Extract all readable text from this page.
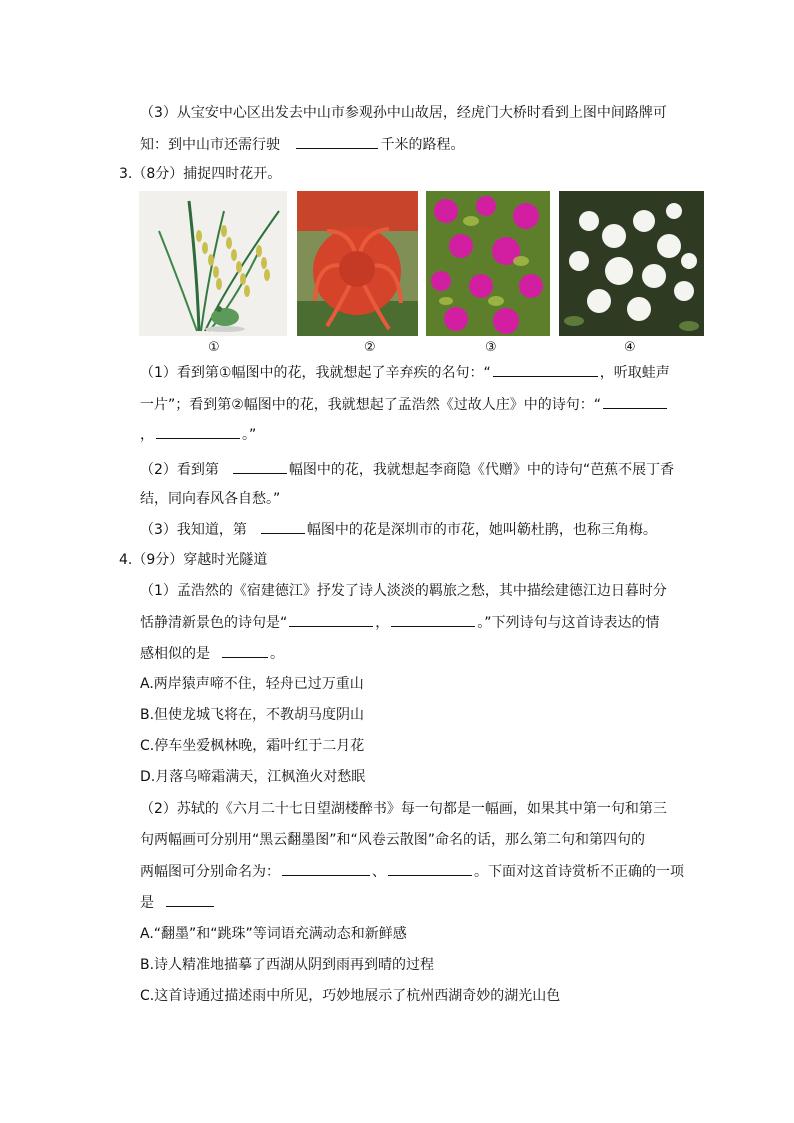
（3）从宝安中心区出发去中山市参观孙中山故居，经虎门大桥时看到上图中间路牌可
知：到中山市还需行驶	千米的路程。
3.（8分）捕捉四时花开。
①	②	③	④
（1）看到第①幅图中的花，我就想起了辛弃疾的名句：“	，听取蛙声
一片”；看到第②幅图中的花，我就想起了孟浩然《过故人庄》中的诗句：“
，	。”
（2）看到第	幅图中的花，我就想起李商隐《代赠》中的诗句“芭蕉不展丁香
结，同向春风各自愁。”
（3）我知道，第	幅图中的花是深圳市的市花，她叫簕杜鹃，也称三角梅。
4.（9分）穿越时光隧道
（1）孟浩然的《宿建德江》抒发了诗人淡淡的羁旅之愁，其中描绘建德江边日暮时分
恬静清新景色的诗句是“	，	。”下列诗句与这首诗表达的情
感相似的是	。
A.两岸猿声啼不住，轻舟已过万重山
B.但使龙城飞将在，不教胡马度阴山
C.停车坐爱枫林晚，霜叶红于二月花
D.月落乌啼霜满天，江枫渔火对愁眠
（2）苏轼的《六月二十七日望湖楼醉书》每一句都是一幅画，如果其中第一句和第三
句两幅画可分别用“黑云翻墨图”和“风卷云散图”命名的话，那么第二句和第四句的
两幅图可分别命名为：	、	。下面对这首诗赏析不正确的一项
是
A.“翻墨”和“跳珠”等词语充满动态和新鲜感
B.诗人精准地描摹了西湖从阴到雨再到晴的过程
C.这首诗通过描述雨中所见，巧妙地展示了杭州西湖奇妙的湖光山色
